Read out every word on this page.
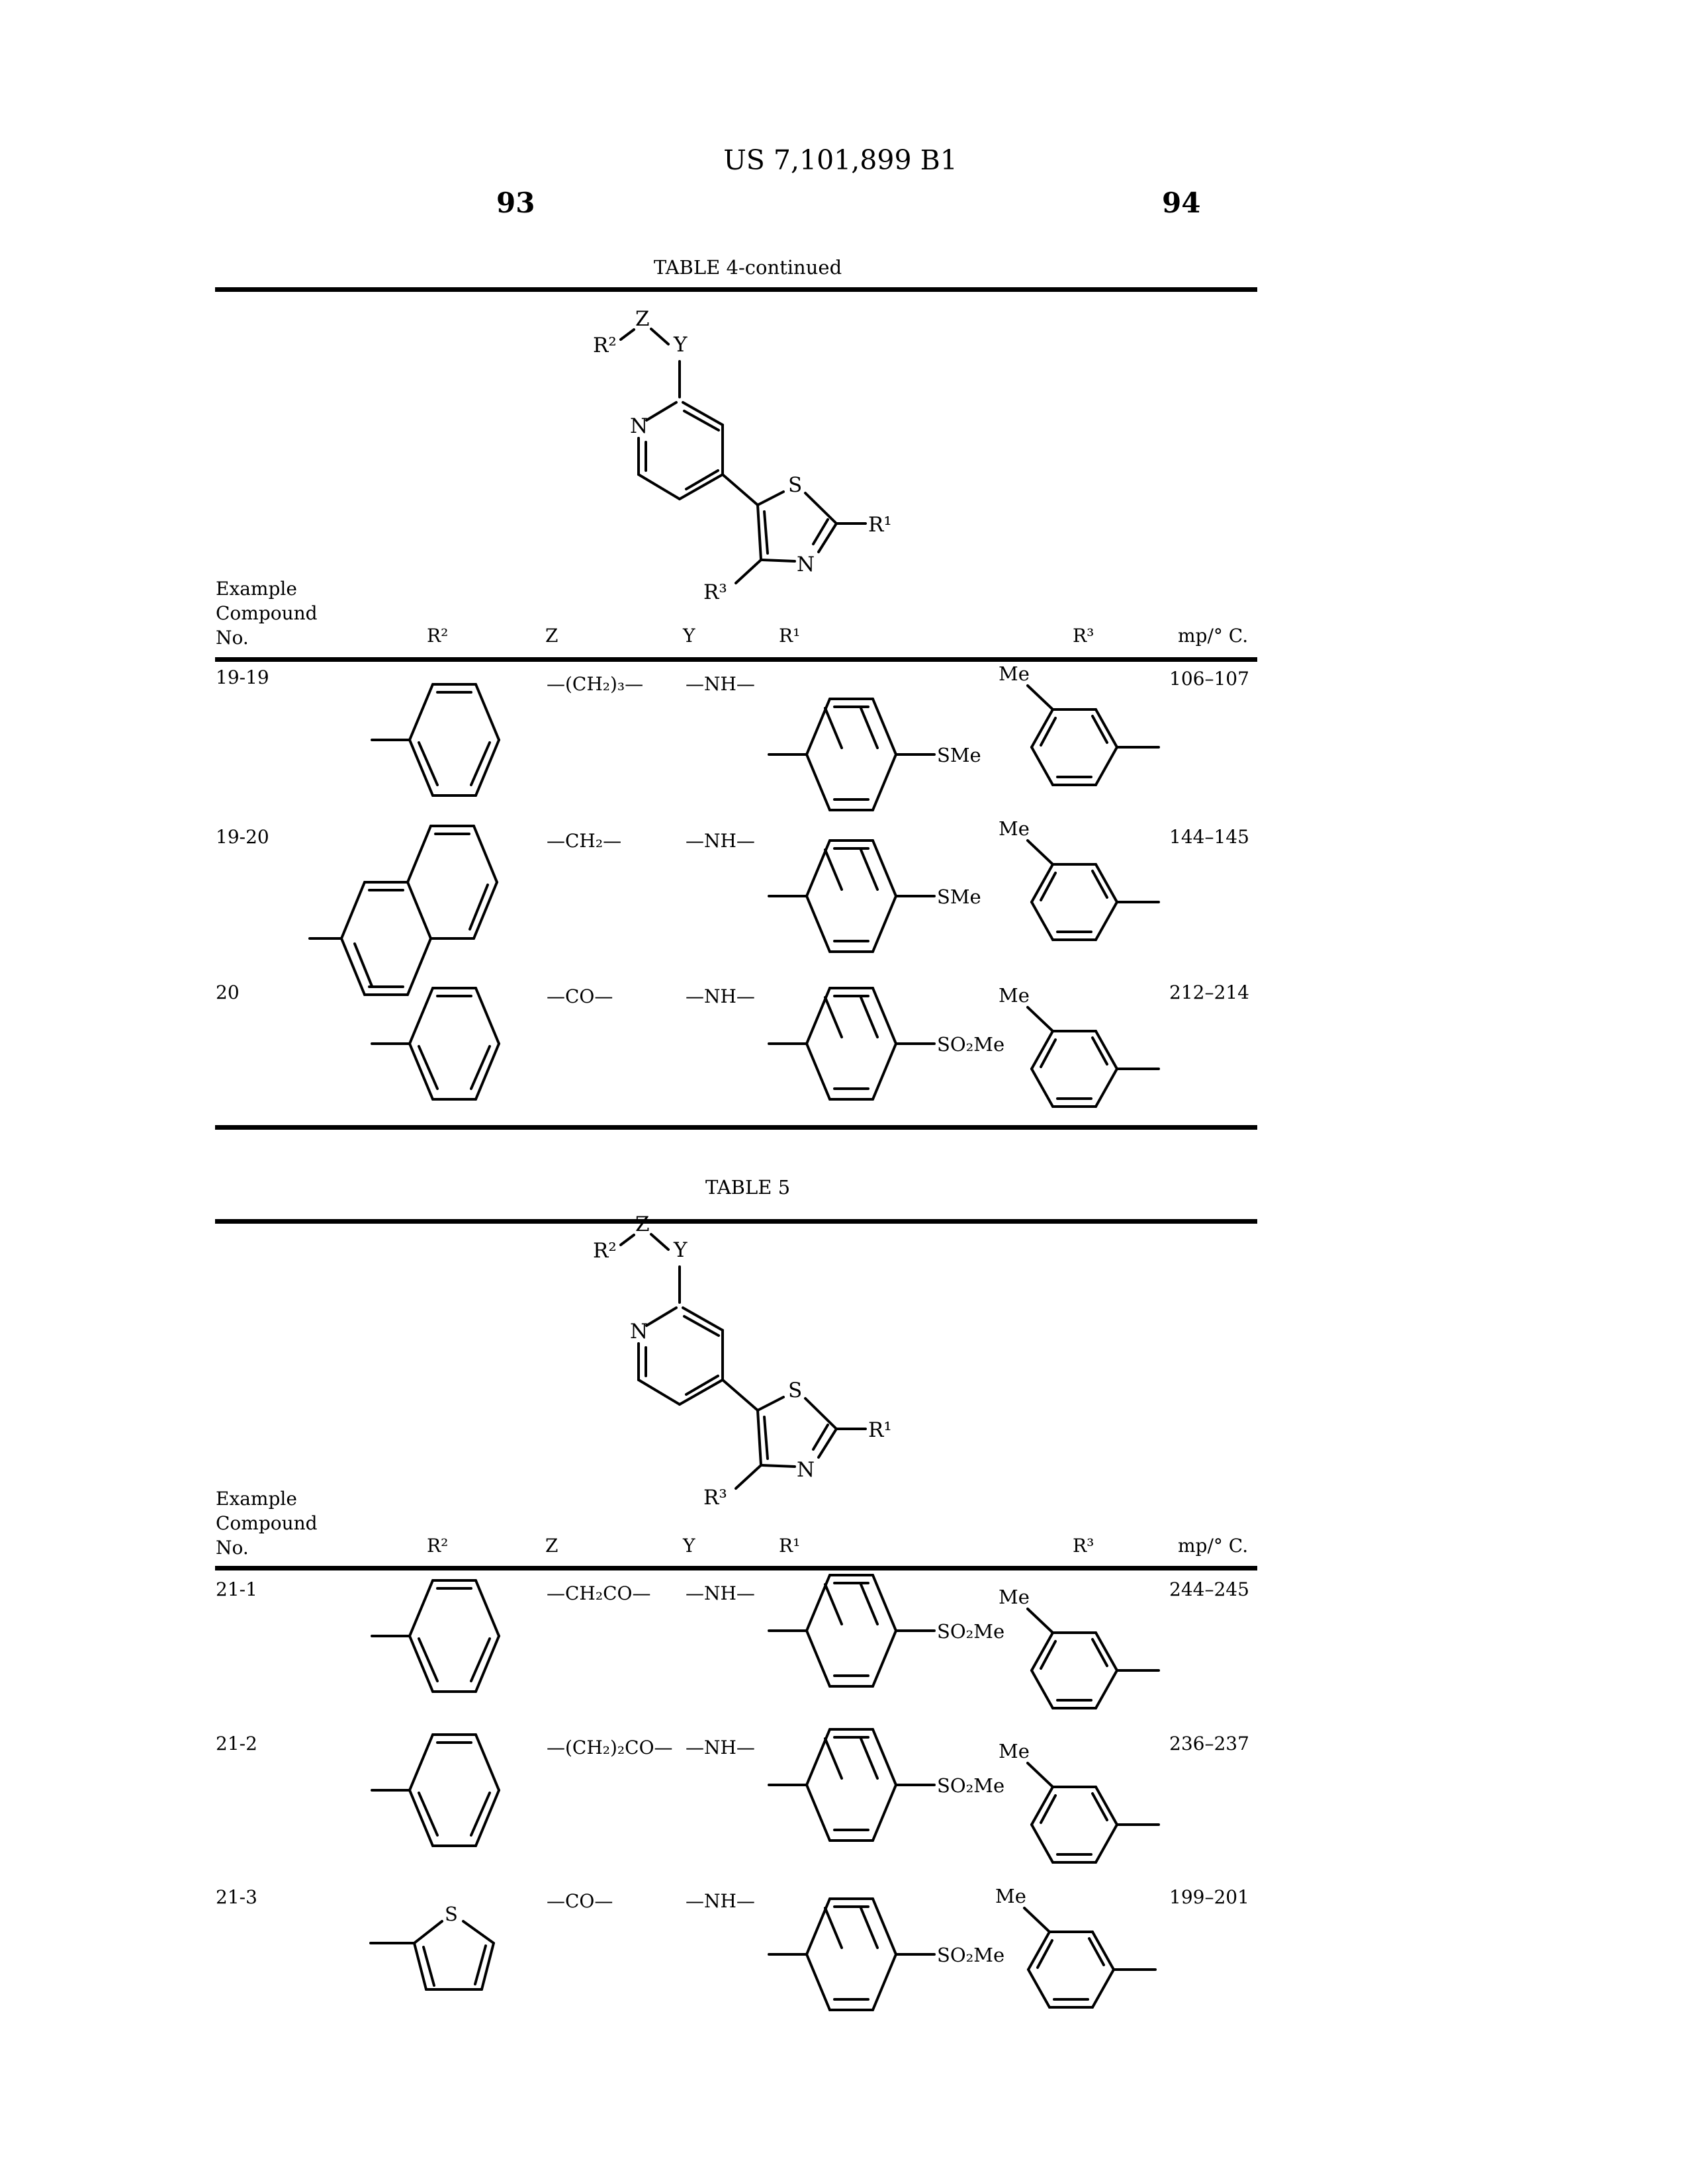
US 7,101,899 B1
93	94
TABLE 4-continued
R²
Z
Y
N
S
N
R¹
R³
Example
Compound
No.	R²	Z	Y	R¹	R³	mp/° C.
19-19	—(CH₂)₃— —NH—	106–107
SMe
Me
19-20	—CH₂—	—NH—	144–145
SMe
Me
20	—CO—	—NH—	212–214
SO₂Me
Me
TABLE 5
R²
Z
Y
N
S
N
R¹
R³
Example
Compound
No.	R²	Z	Y	R¹	R³	mp/° C.
21-1	—CH₂CO— —NH—	244–245
SO₂Me
Me
21-2	—(CH₂)₂CO— —NH—	236–237
SO₂Me
Me
21-3	—CO—	—NH—	199–201
S
SO₂Me
Me
